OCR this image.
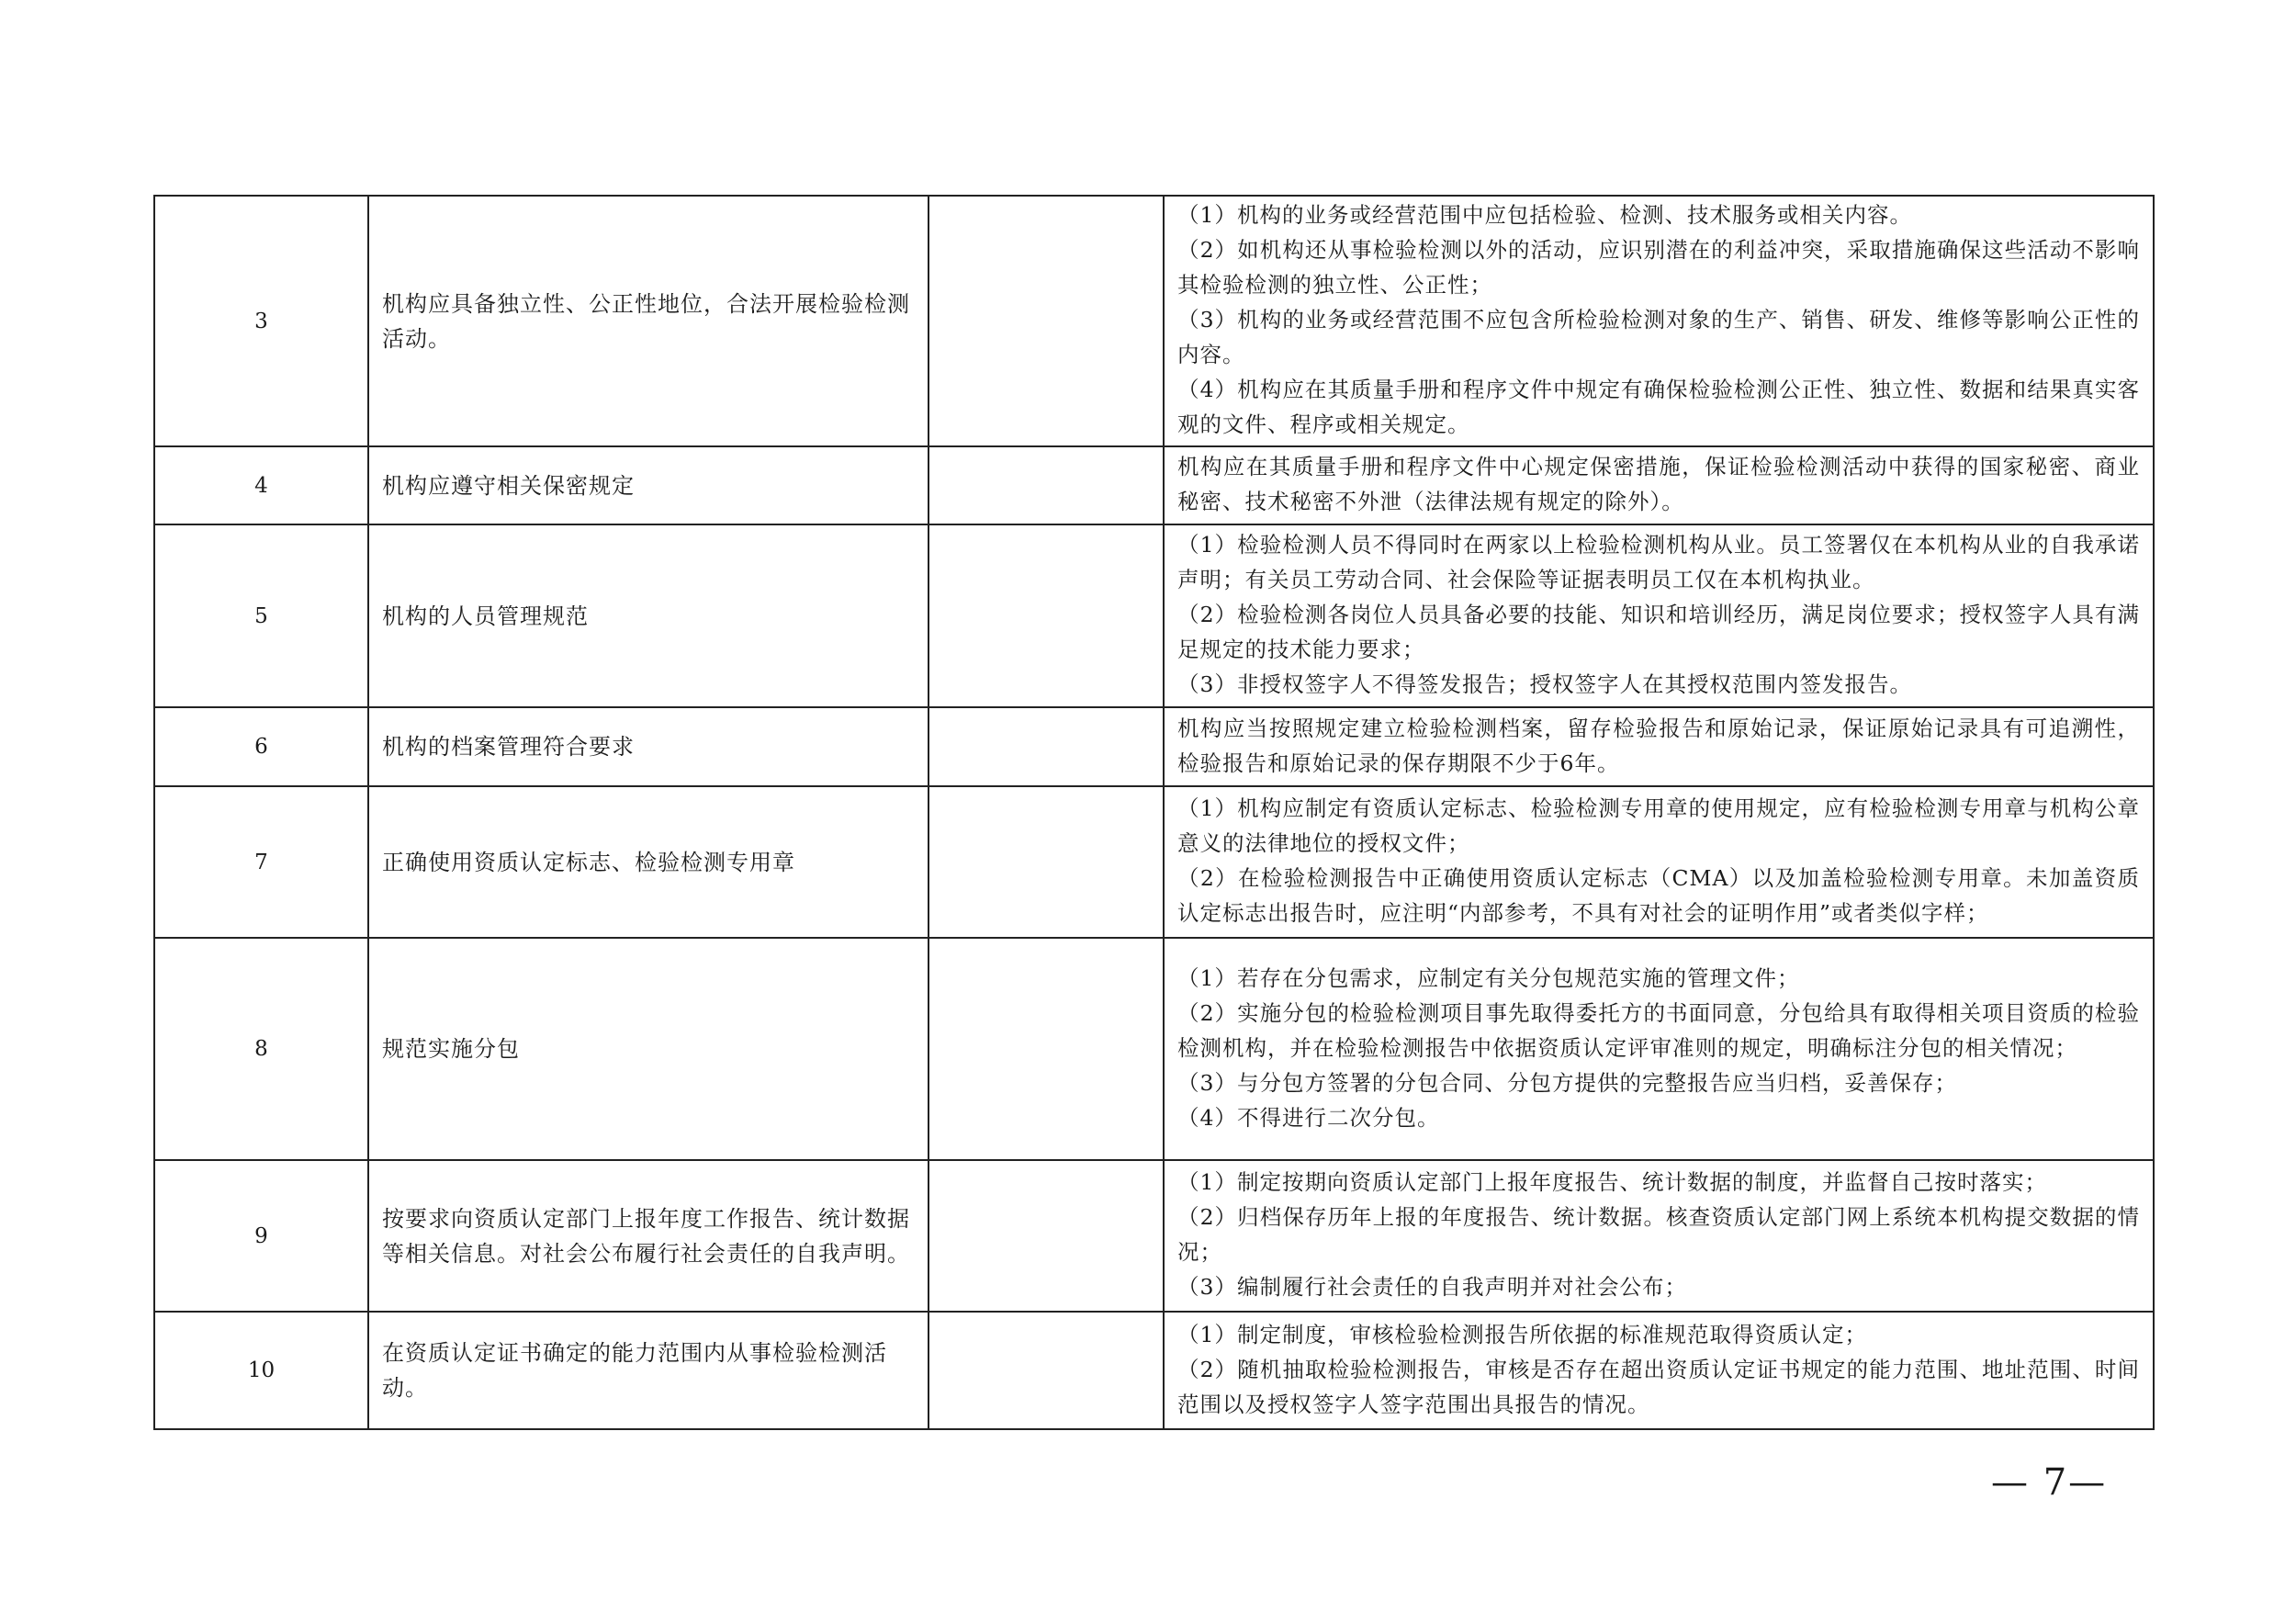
3	机构应具备独立性、公正性地位，合法开展检验检测活动。		（1）机构的业务或经营范围中应包括检验、检测、技术服务或相关内容。
（2）如机构还从事检验检测以外的活动，应识别潜在的利益冲突，采取措施确保这些活动不影响其检验检测的独立性、公正性；
（3）机构的业务或经营范围不应包含所检验检测对象的生产、销售、研发、维修等影响公正性的内容。
（4）机构应在其质量手册和程序文件中规定有确保检验检测公正性、独立性、数据和结果真实客观的文件、程序或相关规定。

4	机构应遵守相关保密规定		机构应在其质量手册和程序文件中心规定保密措施，保证检验检测活动中获得的国家秘密、商业秘密、技术秘密不外泄（法律法规有规定的除外）。

5	机构的人员管理规范		（1）检验检测人员不得同时在两家以上检验检测机构从业。员工签署仅在本机构从业的自我承诺声明；有关员工劳动合同、社会保险等证据表明员工仅在本机构执业。
（2）检验检测各岗位人员具备必要的技能、知识和培训经历，满足岗位要求；授权签字人具有满足规定的技术能力要求；
（3）非授权签字人不得签发报告；授权签字人在其授权范围内签发报告。

6	机构的档案管理符合要求		机构应当按照规定建立检验检测档案，留存检验报告和原始记录，保证原始记录具有可追溯性，检验报告和原始记录的保存期限不少于6年。

7	正确使用资质认定标志、检验检测专用章		（1）机构应制定有资质认定标志、检验检测专用章的使用规定，应有检验检测专用章与机构公章意义的法律地位的授权文件；
（2）在检验检测报告中正确使用资质认定标志（CMA）以及加盖检验检测专用章。未加盖资质认定标志出报告时，应注明“内部参考，不具有对社会的证明作用”或者类似字样；

8	规范实施分包		（1）若存在分包需求，应制定有关分包规范实施的管理文件；
（2）实施分包的检验检测项目事先取得委托方的书面同意，分包给具有取得相关项目资质的检验检测机构，并在检验检测报告中依据资质认定评审准则的规定，明确标注分包的相关情况；
（3）与分包方签署的分包合同、分包方提供的完整报告应当归档，妥善保存；
（4）不得进行二次分包。

9	按要求向资质认定部门上报年度工作报告、统计数据等相关信息。对社会公布履行社会责任的自我声明。		（1）制定按期向资质认定部门上报年度报告、统计数据的制度，并监督自己按时落实；
（2）归档保存历年上报的年度报告、统计数据。核查资质认定部门网上系统本机构提交数据的情况；
（3）编制履行社会责任的自我声明并对社会公布；

10	在资质认定证书确定的能力范围内从事检验检测活动。		（1）制定制度，审核检验检测报告所依据的标准规范取得资质认定；
（2）随机抽取检验检测报告，审核是否存在超出资质认定证书规定的能力范围、地址范围、时间范围以及授权签字人签字范围出具报告的情况。
— 7—
